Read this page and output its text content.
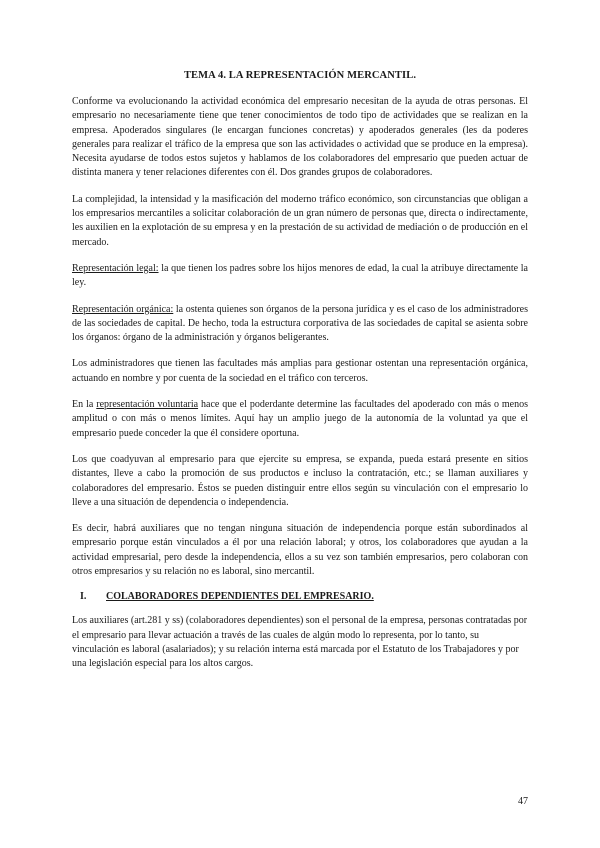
TEMA 4. LA REPRESENTACIÓN MERCANTIL.

Conforme va evolucionando la actividad económica del empresario necesitan de la ayuda de otras personas. El empresario no necesariamente tiene que tener conocimientos de todo tipo de actividades que se realizan en la empresa. Apoderados singulares (le encargan funciones concretas) y apoderados generales (les da poderes generales para realizar el tráfico de la empresa que son las actividades o actividad que se produce en la empresa). Necesita ayudarse de todos estos sujetos y hablamos de los colaboradores del empresario que pueden actuar de distinta manera y tener relaciones diferentes con él. Dos grandes grupos de colaboradores.

La complejidad, la intensidad y la masificación del moderno tráfico económico, son circunstancias que obligan a los empresarios mercantiles a solicitar colaboración de un gran número de personas que, directa o indirectamente, les auxilien en la explotación de su empresa y en la prestación de su actividad de mediación o de producción en el mercado.

Representación legal: la que tienen los padres sobre los hijos menores de edad, la cual la atribuye directamente la ley.

Representación orgánica: la ostenta quienes son órganos de la persona jurídica y es el caso de los administradores de las sociedades de capital. De hecho, toda la estructura corporativa de las sociedades de capital se asienta sobre los órganos: órgano de la administración y órganos beligerantes.

Los administradores que tienen las facultades más amplias para gestionar ostentan una representación orgánica, actuando en nombre y por cuenta de la sociedad en el tráfico con terceros.

En la representación voluntaria hace que el poderdante determine las facultades del apoderado con más o menos amplitud o con más o menos límites. Aquí hay un amplio juego de la autonomía de la voluntad ya que el empresario puede conceder la que él considere oportuna.

Los que coadyuvan al empresario para que ejercite su empresa, se expanda, pueda estará presente en sitios distantes, lleve a cabo la promoción de sus productos e incluso la contratación, etc.; se llaman auxiliares y colaboradores del empresario. Éstos se pueden distinguir entre ellos según su vinculación con el empresario lo lleve a una situación de dependencia o independencia.

Es decir, habrá auxiliares que no tengan ninguna situación de independencia porque están subordinados al empresario porque están vinculados a él por una relación laboral; y otros, los colaboradores que ayudan a la actividad empresarial, pero desde la independencia, ellos a su vez son también empresarios, pero colaboran con otros empresarios y su relación no es laboral, sino mercantil.

I.	COLABORADORES DEPENDIENTES DEL EMPRESARIO.

Los auxiliares (art.281 y ss) (colaboradores dependientes) son el personal de la empresa, personas contratadas por el empresario para llevar actuación a través de las cuales de algún modo lo representa, por lo tanto, su vinculación es laboral (asalariados); y su relación interna está marcada por el Estatuto de los Trabajadores y por una legislación especial para los altos cargos.

47
